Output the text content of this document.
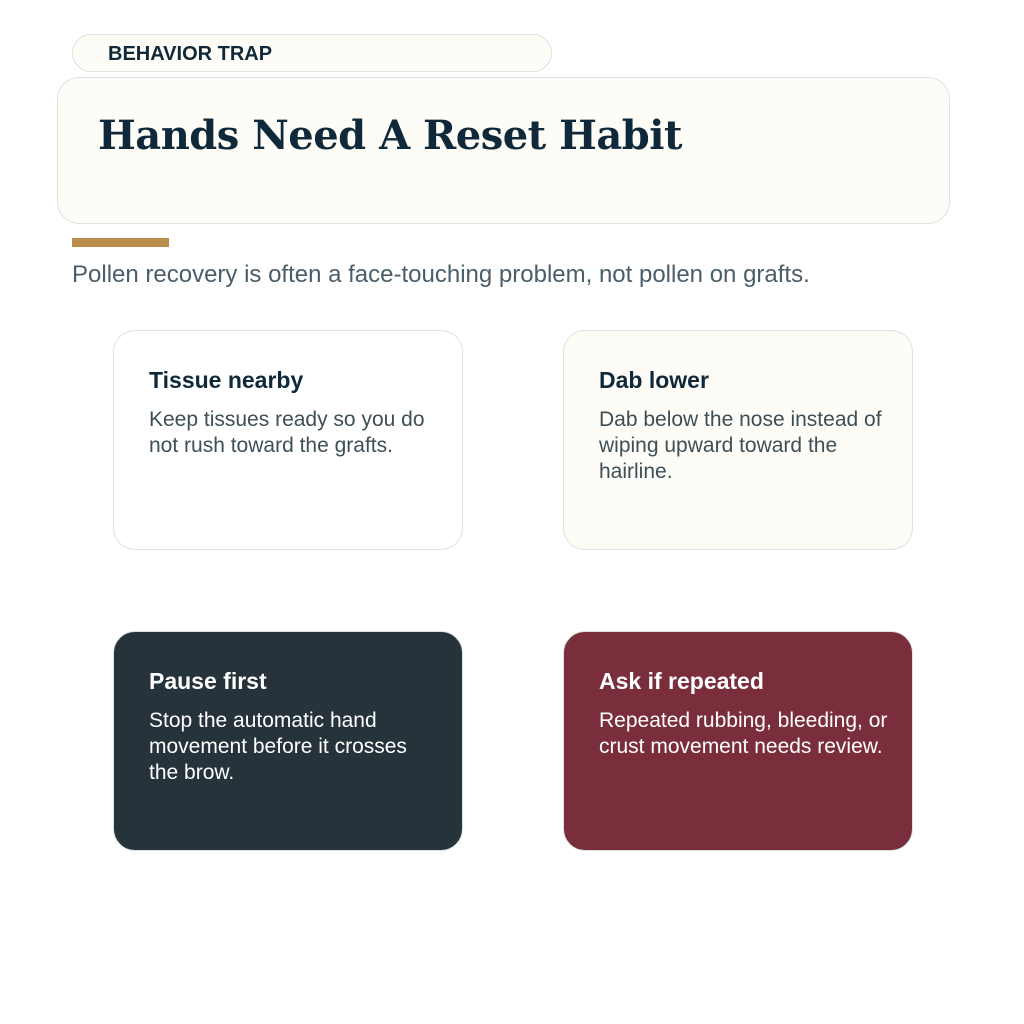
BEHAVIOR TRAP
Hands Need A Reset Habit
Pollen recovery is often a face-touching problem, not pollen on grafts.
Tissue nearby
Keep tissues ready so you do not rush toward the grafts.
Dab lower
Dab below the nose instead of wiping upward toward the hairline.
Pause first
Stop the automatic hand movement before it crosses the brow.
Ask if repeated
Repeated rubbing, bleeding, or crust movement needs review.
